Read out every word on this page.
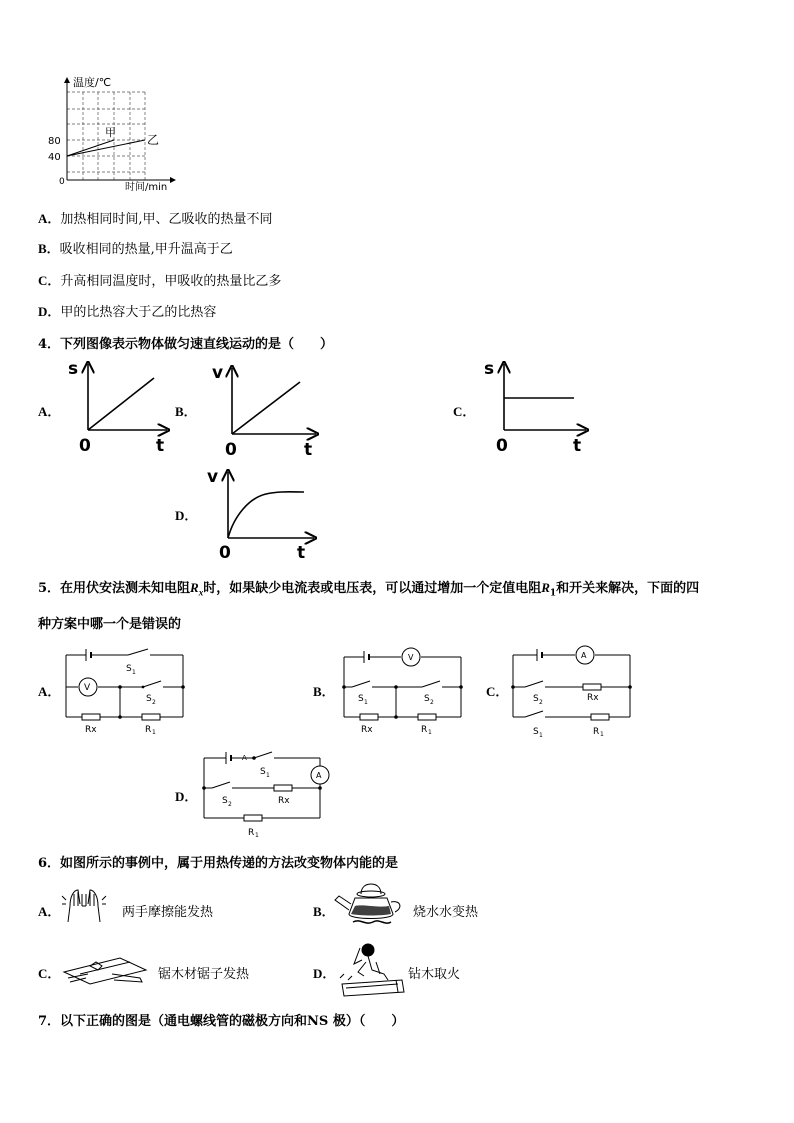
温度/℃
时间/min
0
80
40
甲
乙
A．加热相同时间,甲、乙吸收的热量不同
B．吸收相同的热量,甲升温高于乙
C．升高相同温度时，甲吸收的热量比乙多
D．甲的比热容大于乙的比热容
4．下列图像表示物体做匀速直线运动的是（　　）
A．
s
0	t
B．
v
0	t
C．
s
0	t
D．
v
0	t
5．在用伏安法测未知电阻$R_x$时，如果缺少电流表或电压表，可以通过增加一个定值电阻$R_1$和开关来解决，下面的四
种方案中哪一个是错误的
A．	V
S 1
S 2
Rx	R 1
B．
V
S 1	S 2
Rx	R 1
C．
A
S 2	Rx
S 1	R 1
D．
A
A
S 1
S 2	Rx
R 1
6．如图所示的事例中，属于用热传递的方法改变物体内能的是
A．	两手摩擦能发热	B．	烧水水变热
C．	锯木材锯子发热	D．	钻木取火
7．以下正确的图是（通电螺线管的磁极方向和NS 极）（　　）
